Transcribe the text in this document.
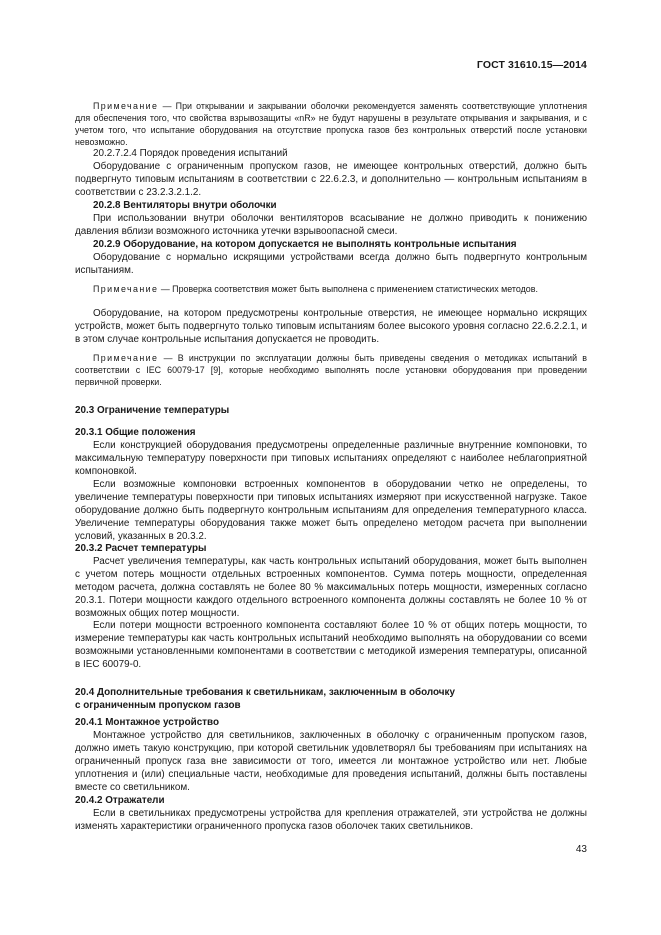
ГОСТ 31610.15—2014

Примечание — При открывании и закрывании оболочки рекомендуется заменять соответствующие уплотнения для обеспечения того, что свойства взрывозащиты «nR» не будут нарушены в результате открывания и закрывания, и с учетом того, что испытание оборудования на отсутствие пропуска газов без контрольных отверстий после установки невозможно.

20.2.7.2.4 Порядок проведения испытаний

Оборудование с ограниченным пропуском газов, не имеющее контрольных отверстий, должно быть подвергнуто типовым испытаниям в соответствии с 22.6.2.3, и дополнительно — контрольным испытаниям в соответствии с 23.2.3.2.1.2.

20.2.8 Вентиляторы внутри оболочки

При использовании внутри оболочки вентиляторов всасывание не должно приводить к понижению давления вблизи возможного источника утечки взрывоопасной смеси.

20.2.9 Оборудование, на котором допускается не выполнять контрольные испытания

Оборудование с нормально искрящими устройствами всегда должно быть подвергнуто контрольным испытаниям.

Примечание — Проверка соответствия может быть выполнена с применением статистических методов.

Оборудование, на котором предусмотрены контрольные отверстия, не имеющее нормально искрящих устройств, может быть подвергнуто только типовым испытаниям более высокого уровня согласно 22.6.2.2.1, и в этом случае контрольные испытания допускается не проводить.

Примечание — В инструкции по эксплуатации должны быть приведены сведения о методиках испытаний в соответствии с IEC 60079-17 [9], которые необходимо выполнять после установки оборудования при проведении первичной проверки.

20.3 Ограничение температуры

20.3.1 Общие положения

Если конструкцией оборудования предусмотрены определенные различные внутренние компоновки, то максимальную температуру поверхности при типовых испытаниях определяют с наиболее неблагоприятной компоновкой.

Если возможные компоновки встроенных компонентов в оборудовании четко не определены, то увеличение температуры поверхности при типовых испытаниях измеряют при искусственной нагрузке. Такое оборудование должно быть подвергнуто контрольным испытаниям для определения температурного класса. Увеличение температуры оборудования также может быть определено методом расчета при выполнении условий, указанных в 20.3.2.

20.3.2 Расчет температуры

Расчет увеличения температуры, как часть контрольных испытаний оборудования, может быть выполнен с учетом потерь мощности отдельных встроенных компонентов. Сумма потерь мощности, определенная методом расчета, должна составлять не более 80 % максимальных потерь мощности, измеренных согласно 20.3.1. Потери мощности каждого отдельного встроенного компонента должны составлять не более 10 % от возможных общих потер мощности.

Если потери мощности встроенного компонента составляют более 10 % от общих потерь мощности, то измерение температуры как часть контрольных испытаний необходимо выполнять на оборудовании со всеми возможными установленными компонентами в соответствии с методикой измерения температуры, описанной в IEC 60079-0.

20.4 Дополнительные требования к светильникам, заключенным в оболочку
с ограниченным пропуском газов

20.4.1 Монтажное устройство

Монтажное устройство для светильников, заключенных в оболочку с ограниченным пропуском газов, должно иметь такую конструкцию, при которой светильник удовлетворял бы требованиям при испытаниях на ограниченный пропуск газа вне зависимости от того, имеется ли монтажное устройство или нет. Любые уплотнения и (или) специальные части, необходимые для проведения испытаний, должны быть поставлены вместе со светильником.

20.4.2 Отражатели

Если в светильниках предусмотрены устройства для крепления отражателей, эти устройства не должны изменять характеристики ограниченного пропуска газов оболочек таких светильников.

43
